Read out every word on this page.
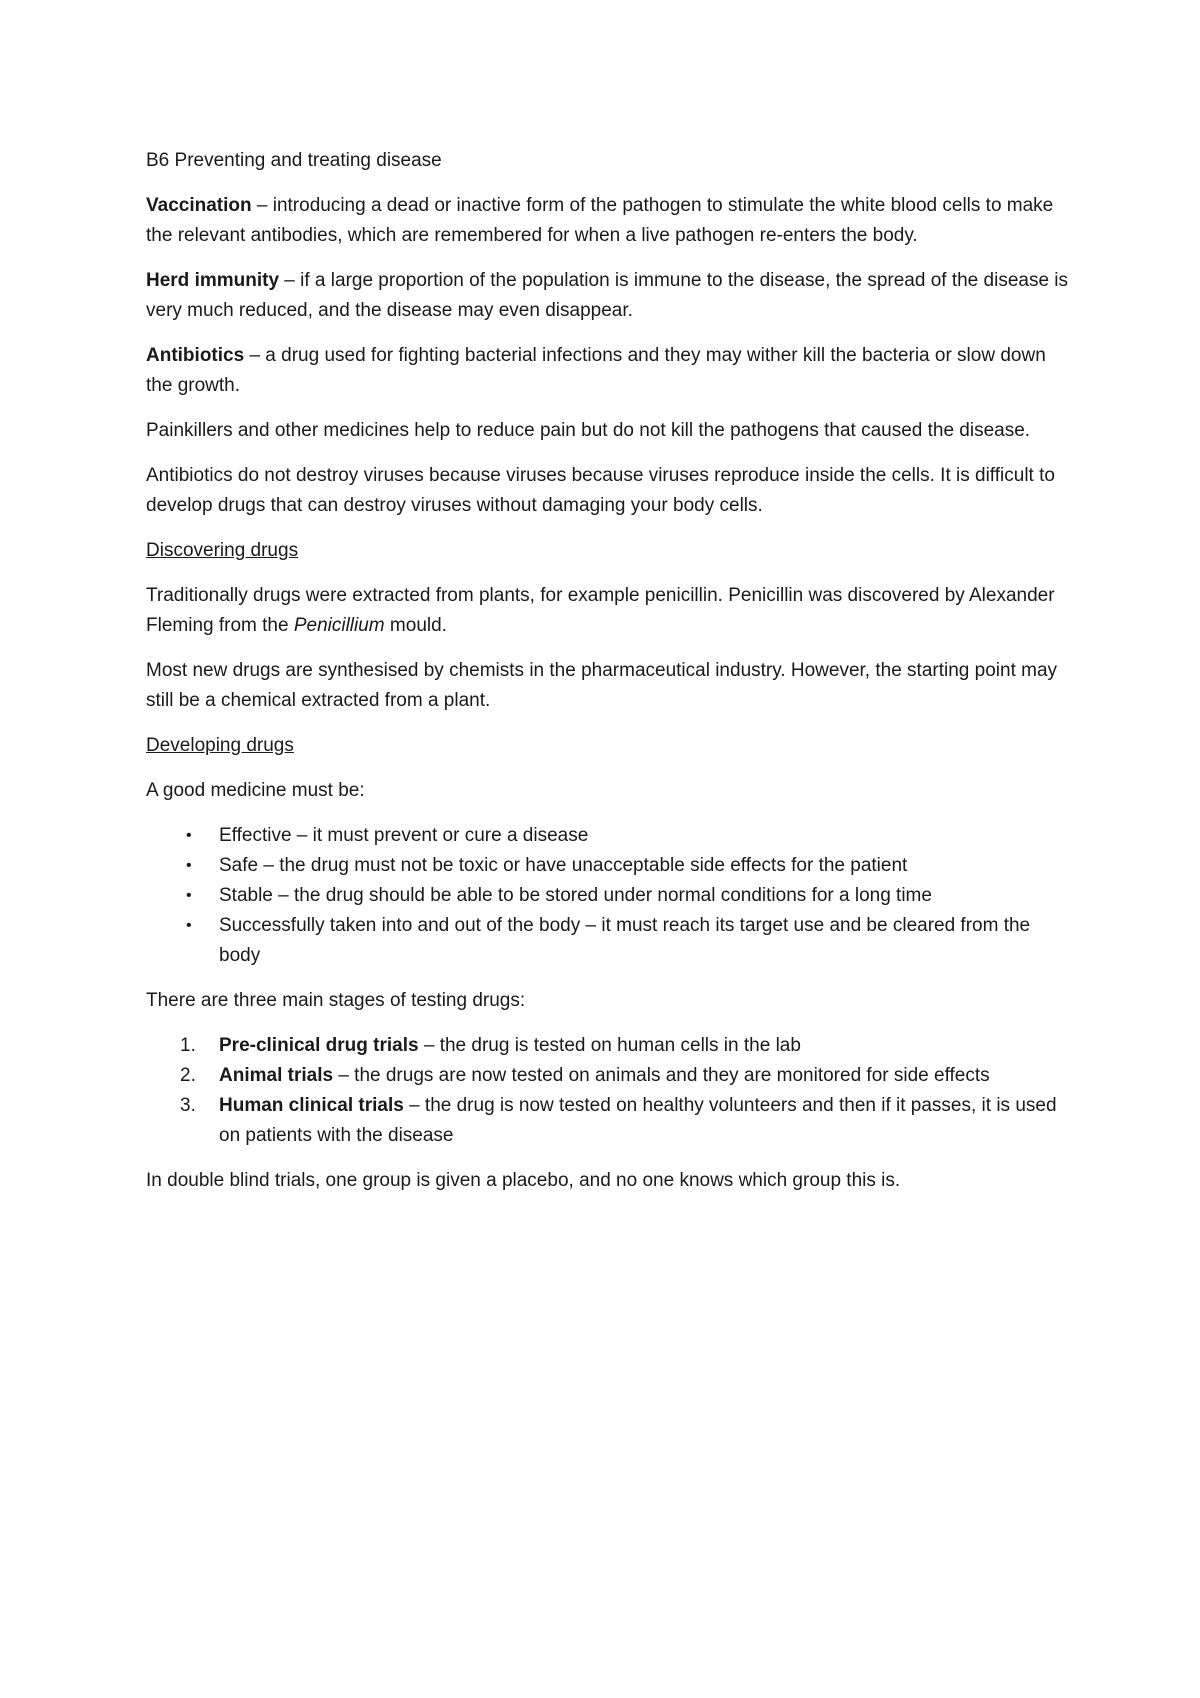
B6 Preventing and treating disease

Vaccination – introducing a dead or inactive form of the pathogen to stimulate the white blood cells to make the relevant antibodies, which are remembered for when a live pathogen re-enters the body.

Herd immunity – if a large proportion of the population is immune to the disease, the spread of the disease is very much reduced, and the disease may even disappear.

Antibiotics – a drug used for fighting bacterial infections and they may wither kill the bacteria or slow down the growth.

Painkillers and other medicines help to reduce pain but do not kill the pathogens that caused the disease.

Antibiotics do not destroy viruses because viruses because viruses reproduce inside the cells. It is difficult to develop drugs that can destroy viruses without damaging your body cells.

Discovering drugs

Traditionally drugs were extracted from plants, for example penicillin. Penicillin was discovered by Alexander Fleming from the Penicillium mould.

Most new drugs are synthesised by chemists in the pharmaceutical industry. However, the starting point may still be a chemical extracted from a plant.

Developing drugs

A good medicine must be:

•	Effective – it must prevent or cure a disease
•	Safe – the drug must not be toxic or have unacceptable side effects for the patient
•	Stable – the drug should be able to be stored under normal conditions for a long time
•	Successfully taken into and out of the body – it must reach its target use and be cleared from the body

There are three main stages of testing drugs:

1. Pre-clinical drug trials – the drug is tested on human cells in the lab
2. Animal trials – the drugs are now tested on animals and they are monitored for side effects
3. Human clinical trials – the drug is now tested on healthy volunteers and then if it passes, it is used on patients with the disease

In double blind trials, one group is given a placebo, and no one knows which group this is.
